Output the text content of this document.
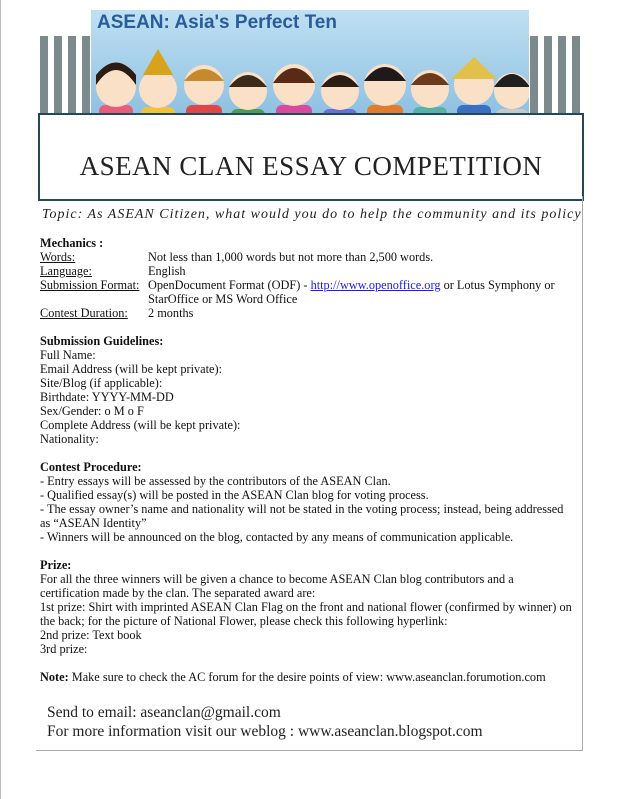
ASEAN: Asia's Perfect Ten
ASEAN CLAN ESSAY COMPETITION
Topic: As ASEAN Citizen, what would you do to help the community and its policy
Mechanics :
Words:	Not less than 1,000 words but not more than 2,500 words.
Language:	English
Submission Format: OpenDocument Format (ODF) - http://www.openoffice.org or Lotus Symphony or StarOffice or MS Word Office
Contest Duration:	2 months
Submission Guidelines:
Full Name:
Email Address (will be kept private):
Site/Blog (if applicable):
Birthdate: YYYY-MM-DD
Sex/Gender: o M o F
Complete Address (will be kept private):
Nationality:
Contest Procedure:
- Entry essays will be assessed by the contributors of the ASEAN Clan.
- Qualified essay(s) will be posted in the ASEAN Clan blog for voting process.
- The essay owner’s name and nationality will not be stated in the voting process; instead, being addressed as “ASEAN Identity”
- Winners will be announced on the blog, contacted by any means of communication applicable.
Prize:
For all the three winners will be given a chance to become ASEAN Clan blog contributors and a certification made by the clan. The separated award are:
1st prize: Shirt with imprinted ASEAN Clan Flag on the front and national flower (confirmed by winner) on the back; for the picture of National Flower, please check this following hyperlink:
2nd prize: Text book
3rd prize:
Note: Make sure to check the AC forum for the desire points of view: www.aseanclan.forumotion.com
Send to email: aseanclan@gmail.com
For more information visit our weblog : www.aseanclan.blogspot.com
